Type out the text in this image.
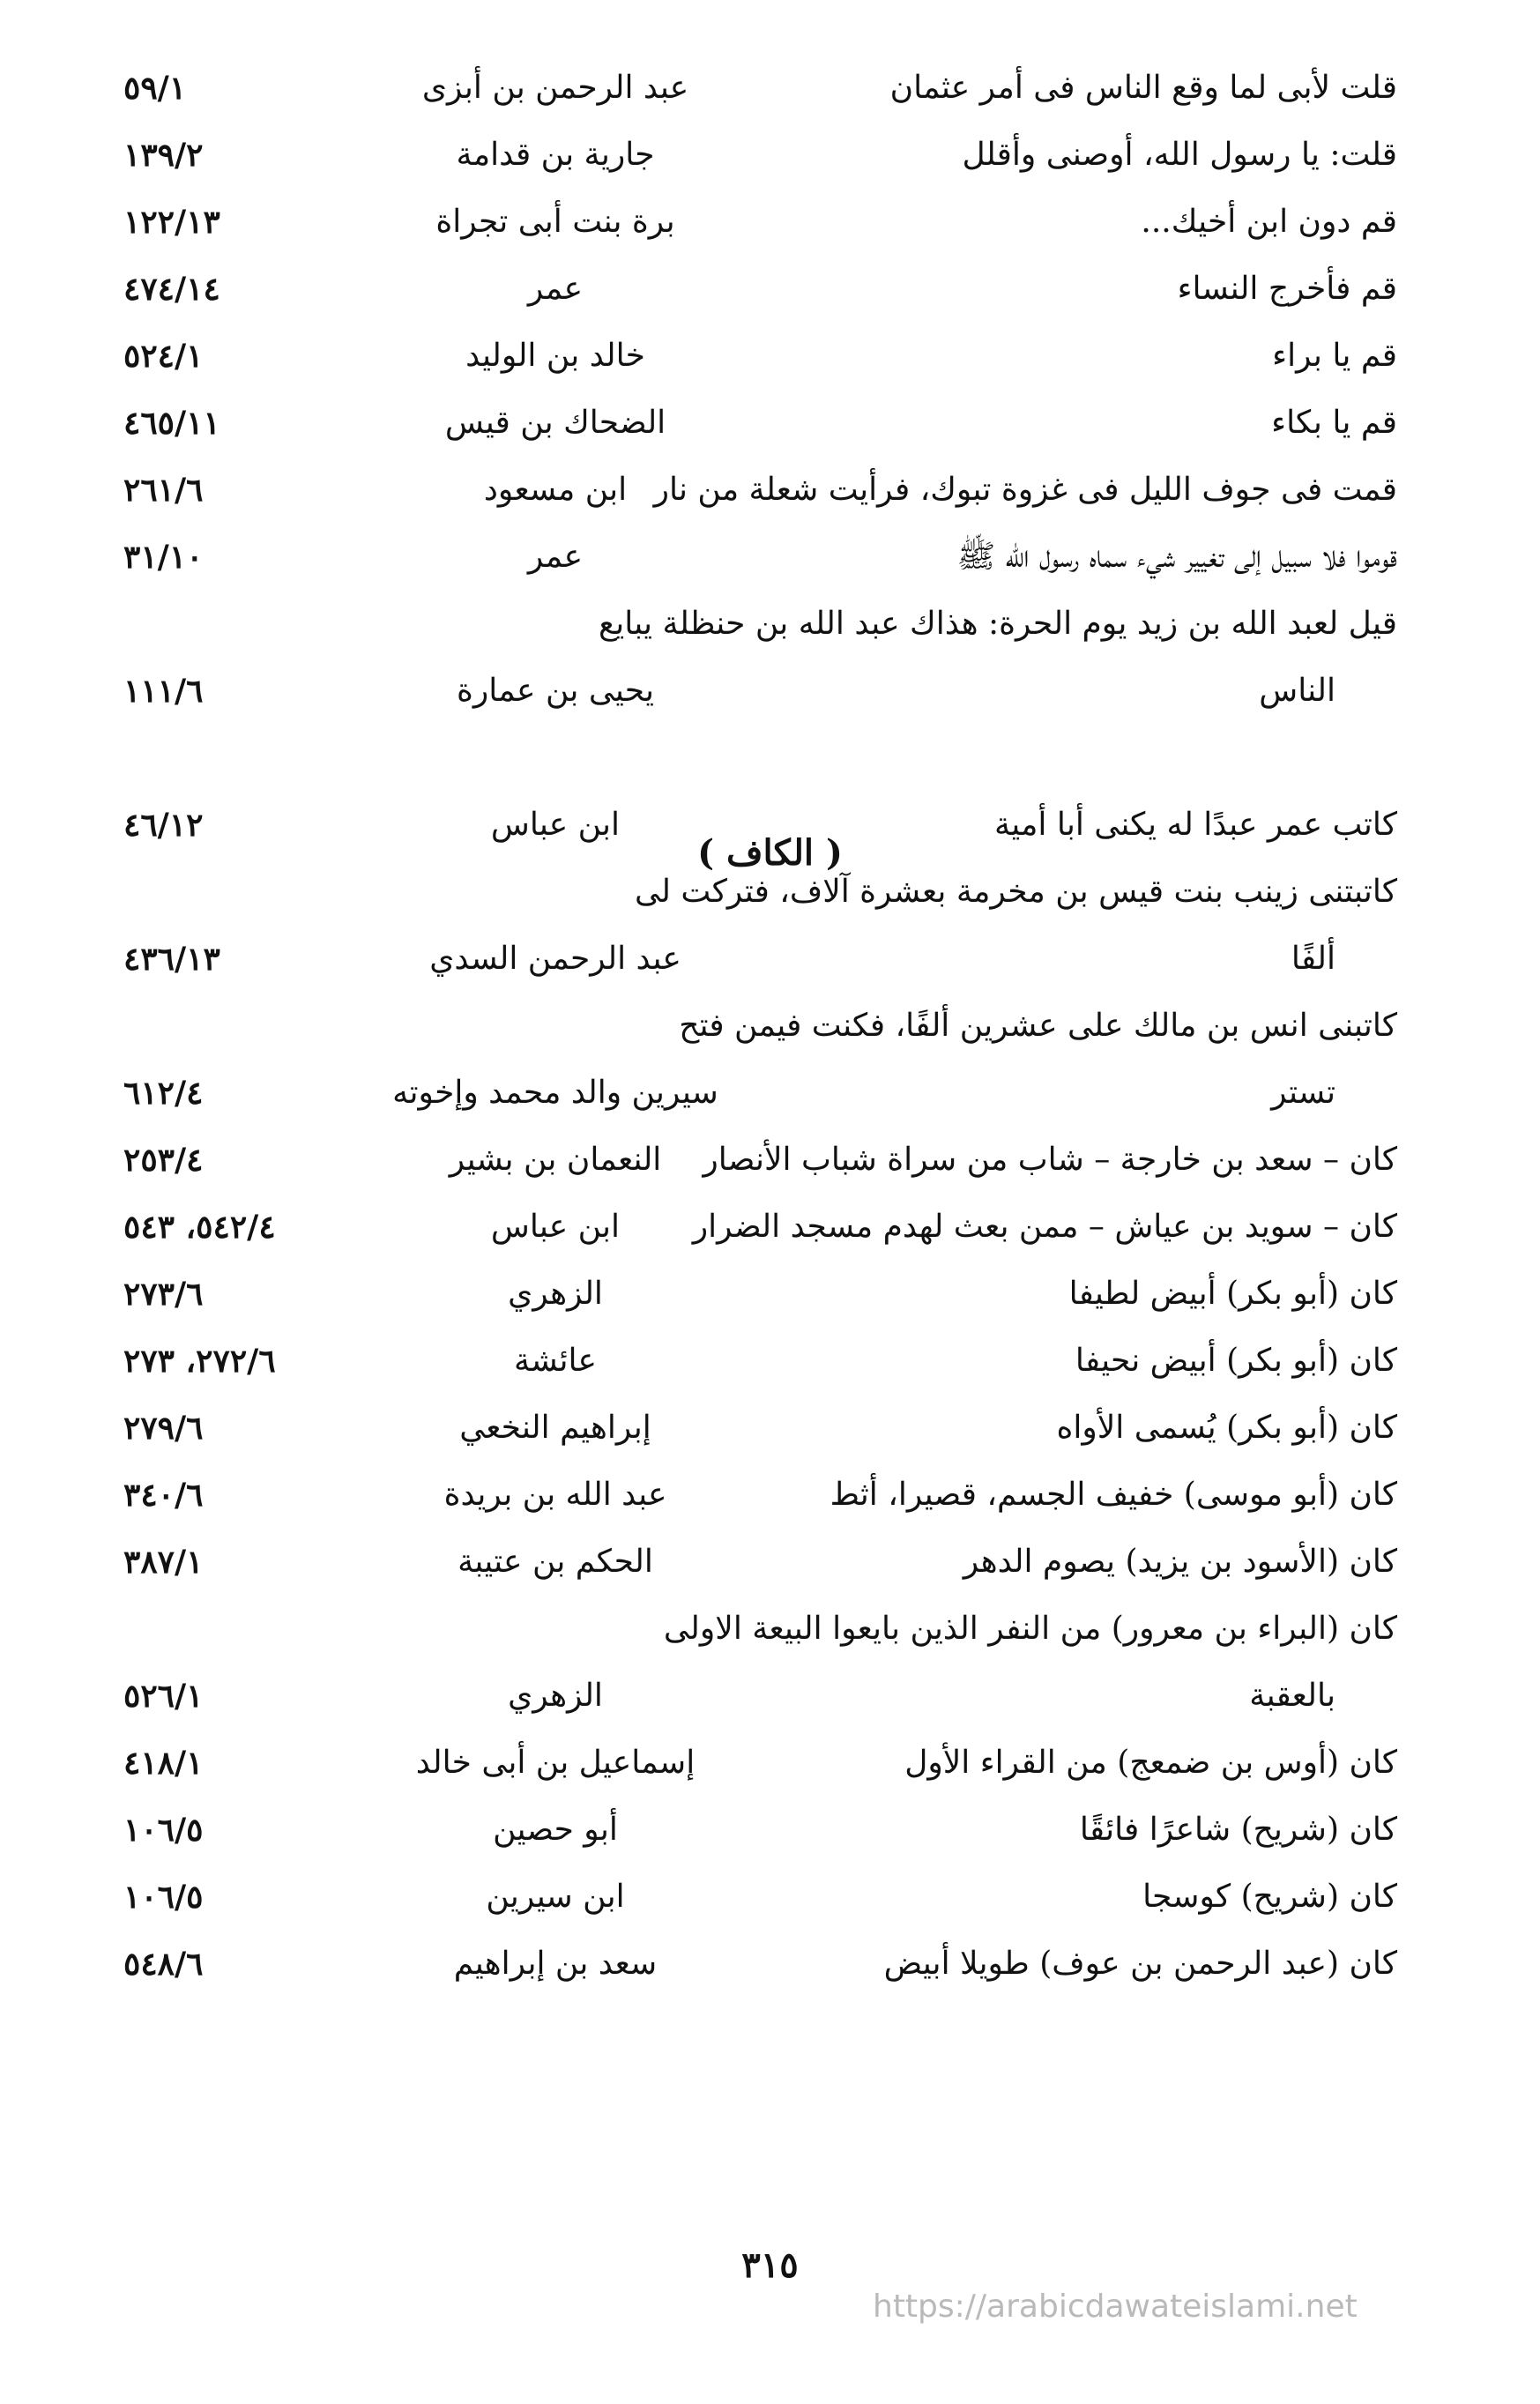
قلت لأبى لما وقع الناس فى أمر عثمان
عبد الرحمن بن أبزى
٥٩/١
قلت: يا رسول الله، أوصنى وأقلل
جارية بن قدامة
١٣٩/٢
قم دون ابن أخيك...
برة بنت أبى تجراة
١٢٢/١٣
قم فأخرج النساء
عمر
٤٧٤/١٤
قم يا براء
خالد بن الوليد
٥٢٤/١
قم يا بكاء
الضحاك بن قيس
٤٦٥/١١
قمت فى جوف الليل فى غزوة تبوك، فرأيت شعلة من نار
ابن مسعود
٢٦١/٦
قوموا فلا سبيل إلى تغيير شيء سماه رسول الله ﷺ
عمر
٣١/١٠
قيل لعبد الله بن زيد يوم الحرة: هذاك عبد الله بن حنظلة يبايع
الناس
يحيى بن عمارة
١١١/٦
كاتب عمر عبدًا له يكنى أبا أمية
ابن عباس
٤٦/١٢
كاتبتنى زينب بنت قيس بن مخرمة بعشرة آلاف، فتركت لى
ألفًا
عبد الرحمن السدي
٤٣٦/١٣
كاتبنى انس بن مالك على عشرين ألفًا، فكنت فيمن فتح
تستر
سيرين والد محمد وإخوته
٦١٢/٤
كان – سعد بن خارجة – شاب من سراة شباب الأنصار
النعمان بن بشير
٢٥٣/٤
كان – سويد بن عياش – ممن بعث لهدم مسجد الضرار
ابن عباس
٥٤٢/٤، ٥٤٣
كان (أبو بكر) أبيض لطيفا
الزهري
٢٧٣/٦
كان (أبو بكر) أبيض نحيفا
عائشة
٢٧٢/٦، ٢٧٣
كان (أبو بكر) يُسمى الأواه
إبراهيم النخعي
٢٧٩/٦
كان (أبو موسى) خفيف الجسم، قصيرا، أثط
عبد الله بن بريدة
٣٤٠/٦
كان (الأسود بن يزيد) يصوم الدهر
الحكم بن عتيبة
٣٨٧/١
كان (البراء بن معرور) من النفر الذين بايعوا البيعة الاولى
بالعقبة
الزهري
٥٢٦/١
كان (أوس بن ضمعج) من القراء الأول
إسماعيل بن أبى خالد
٤١٨/١
كان (شريح) شاعرًا فائقًا
أبو حصين
١٠٦/٥
كان (شريح) كوسجا
ابن سيرين
١٠٦/٥
كان (عبد الرحمن بن عوف) طويلا أبيض
سعد بن إبراهيم
٥٤٨/٦
( الكاف )
٣١٥
https://arabicdawateislami.net
